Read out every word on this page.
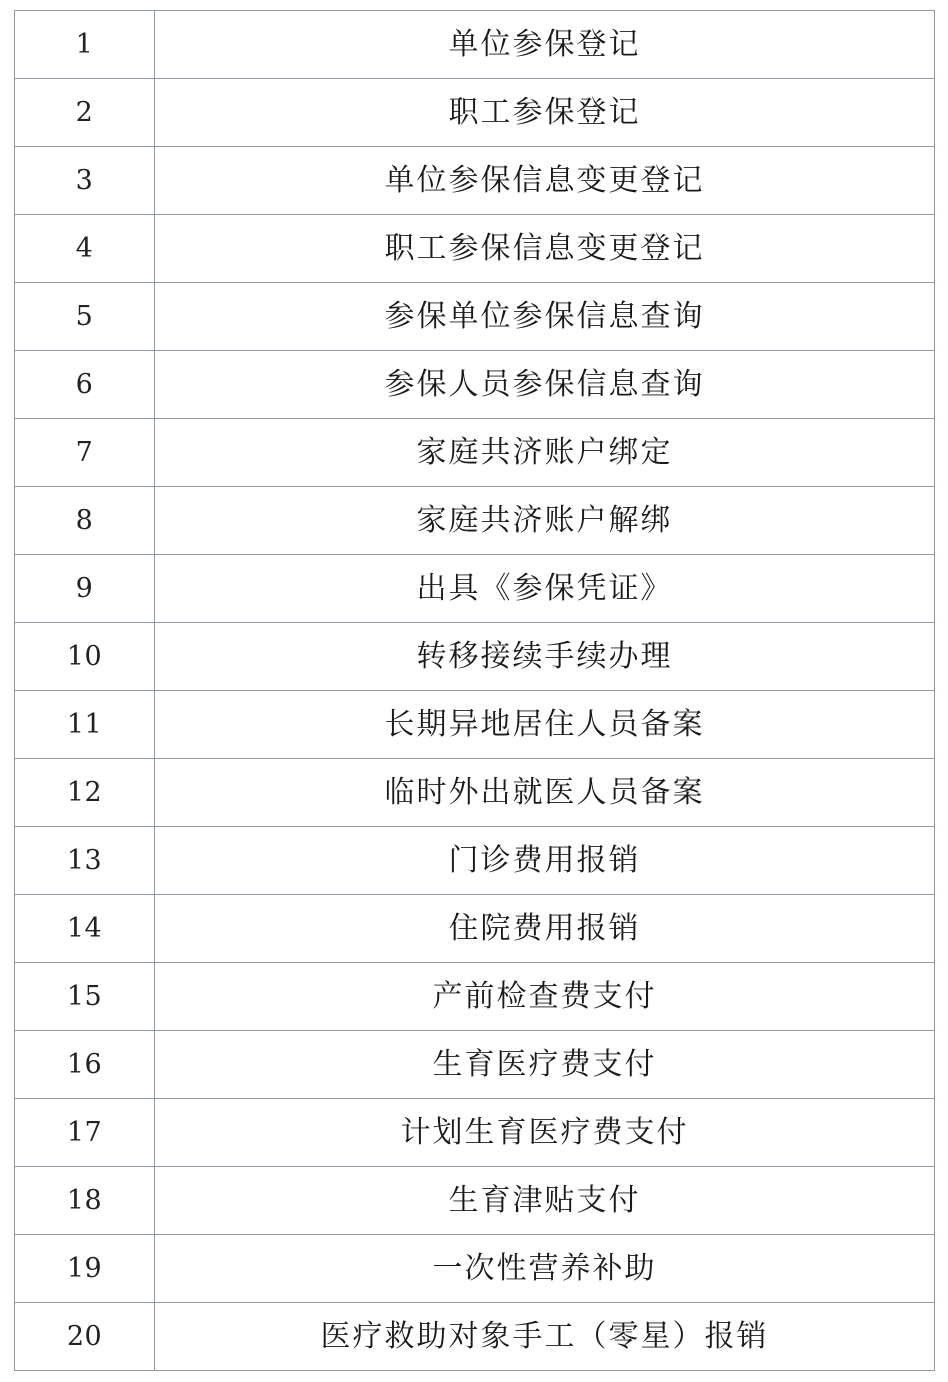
1	单位参保登记
2	职工参保登记
3	单位参保信息变更登记
4	职工参保信息变更登记
5	参保单位参保信息查询
6	参保人员参保信息查询
7	家庭共济账户绑定
8	家庭共济账户解绑
9	出具《参保凭证》
10	转移接续手续办理
11	长期异地居住人员备案
12	临时外出就医人员备案
13	门诊费用报销
14	住院费用报销
15	产前检查费支付
16	生育医疗费支付
17	计划生育医疗费支付
18	生育津贴支付
19	一次性营养补助
20	医疗救助对象手工（零星）报销
